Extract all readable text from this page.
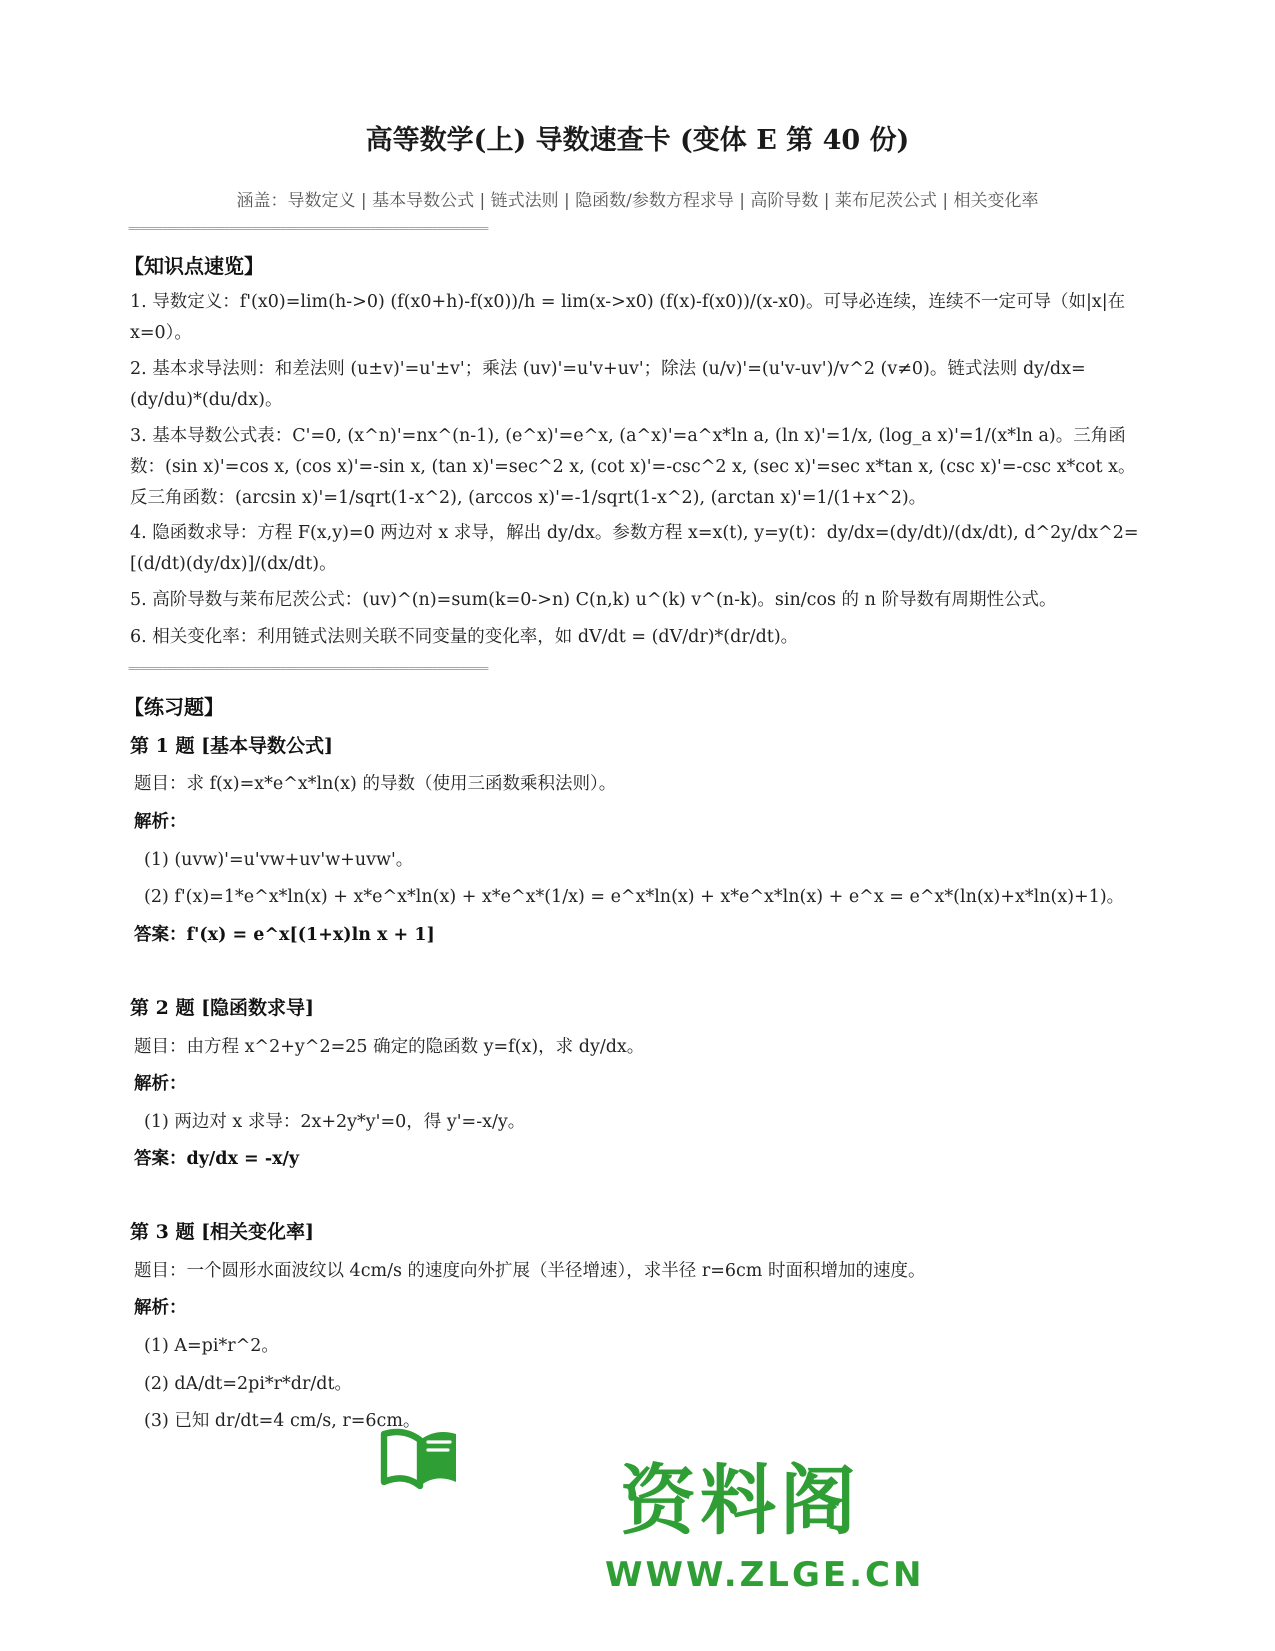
高等数学(上) 导数速查卡 (变体 E 第 40 份)
涵盖：导数定义 | 基本导数公式 | 链式法则 | 隐函数/参数方程求导 | 高阶导数 | 莱布尼茨公式 | 相关变化率
================================================================
【知识点速览】
1. 导数定义：f'(x0)=lim(h->0) (f(x0+h)-f(x0))/h = lim(x->x0) (f(x)-f(x0))/(x-x0)。可导必连续，连续不一定可导（如|x|在 x=0）。
2. 基本求导法则：和差法则 (u±v)'=u'±v'；乘法 (uv)'=u'v+uv'；除法 (u/v)'=(u'v-uv')/v^2 (v≠0)。链式法则 dy/dx=(dy/du)*(du/dx)。
3. 基本导数公式表：C'=0, (x^n)'=nx^(n-1), (e^x)'=e^x, (a^x)'=a^x*ln a, (ln x)'=1/x, (log_a x)'=1/(x*ln a)。三角函数：(sin x)'=cos x, (cos x)'=-sin x, (tan x)'=sec^2 x, (cot x)'=-csc^2 x, (sec x)'=sec x*tan x, (csc x)'=-csc x*cot x。反三角函数：(arcsin x)'=1/sqrt(1-x^2), (arccos x)'=-1/sqrt(1-x^2), (arctan x)'=1/(1+x^2)。
4. 隐函数求导：方程 F(x,y)=0 两边对 x 求导，解出 dy/dx。参数方程 x=x(t), y=y(t)：dy/dx=(dy/dt)/(dx/dt), d^2y/dx^2=[(d/dt)(dy/dx)]/(dx/dt)。
5. 高阶导数与莱布尼茨公式：(uv)^(n)=sum(k=0->n) C(n,k) u^(k) v^(n-k)。sin/cos 的 n 阶导数有周期性公式。
6. 相关变化率：利用链式法则关联不同变量的变化率，如 dV/dt = (dV/dr)*(dr/dt)。
================================================================
【练习题】
第 1 题 [基本导数公式]
题目：求 f(x)=x*e^x*ln(x) 的导数（使用三函数乘积法则）。
解析：
(1) (uvw)'=u'vw+uv'w+uvw'。
(2) f'(x)=1*e^x*ln(x) + x*e^x*ln(x) + x*e^x*(1/x) = e^x*ln(x) + x*e^x*ln(x) + e^x = e^x*(ln(x)+x*ln(x)+1)。
答案：f'(x) = e^x[(1+x)ln x + 1]
第 2 题 [隐函数求导]
题目：由方程 x^2+y^2=25 确定的隐函数 y=f(x)，求 dy/dx。
解析：
(1) 两边对 x 求导：2x+2y*y'=0，得 y'=-x/y。
答案：dy/dx = -x/y
第 3 题 [相关变化率]
题目：一个圆形水面波纹以 4cm/s 的速度向外扩展（半径增速），求半径 r=6cm 时面积增加的速度。
解析：
(1) A=pi*r^2。
(2) dA/dt=2pi*r*dr/dt。
(3) 已知 dr/dt=4 cm/s, r=6cm。
资料阁
WWW.ZLGE.CN
